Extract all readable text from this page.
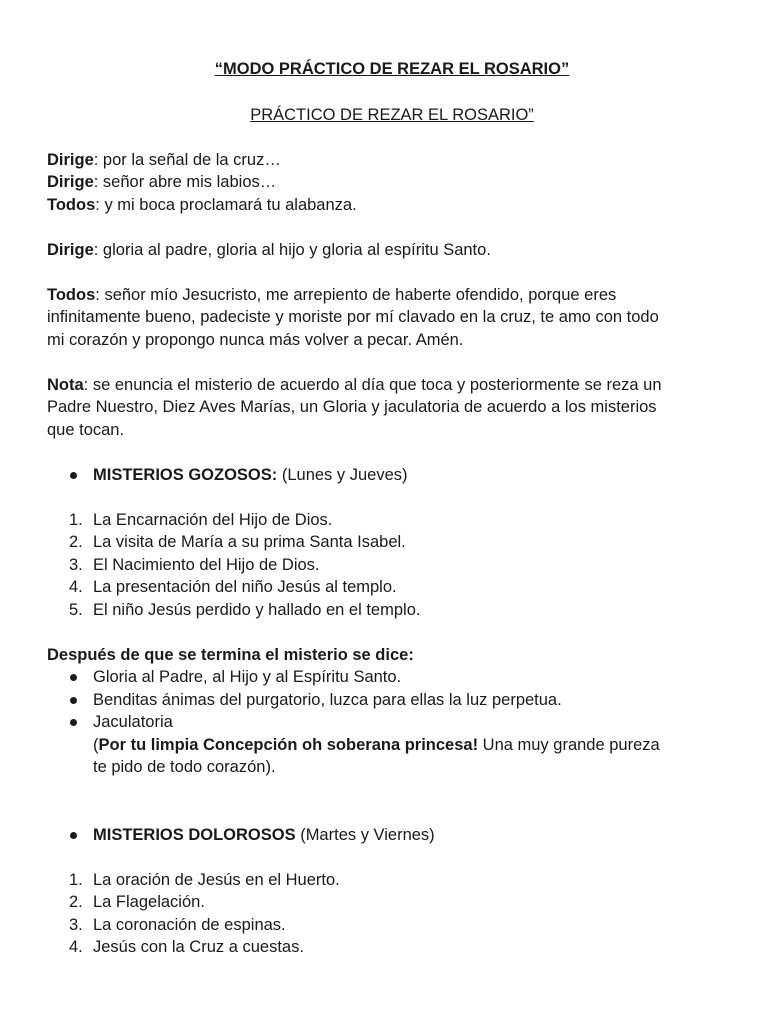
“MODO PRÁCTICO DE REZAR EL ROSARIO”

PRÁCTICO DE REZAR EL ROSARIO”

Dirige: por la señal de la cruz…

Dirige: señor abre mis labios…

Todos: y mi boca proclamará tu alabanza.

Dirige: gloria al padre, gloria al hijo y gloria al espíritu Santo.

Todos: señor mío Jesucristo, me arrepiento de haberte ofendido, porque eres

infinitamente bueno, padeciste y moriste por mí clavado en la cruz, te amo con todo

mi corazón y propongo nunca más volver a pecar. Amén.

Nota: se enuncia el misterio de acuerdo al día que toca y posteriormente se reza un

Padre Nuestro, Diez Aves Marías, un Gloria y jaculatoria de acuerdo a los misterios

que tocan.

MISTERIOS GOZOSOS: (Lunes y Jueves)
1. La Encarnación del Hijo de Dios.
2. La visita de María a su prima Santa Isabel.
3. El Nacimiento del Hijo de Dios.
4. La presentación del niño Jesús al templo.
5. El niño Jesús perdido y hallado en el templo.

Después de que se termina el misterio se dice:

Gloria al Padre, al Hijo y al Espíritu Santo.
Benditas ánimas del purgatorio, luzca para ellas la luz perpetua.
Jaculatoria
(Por tu limpia Concepción oh soberana princesa! Una muy grande pureza
te pido de todo corazón).
MISTERIOS DOLOROSOS (Martes y Viernes)
1. La oración de Jesús en el Huerto.
2. La Flagelación.
3. La coronación de espinas.
4. Jesús con la Cruz a cuestas.
